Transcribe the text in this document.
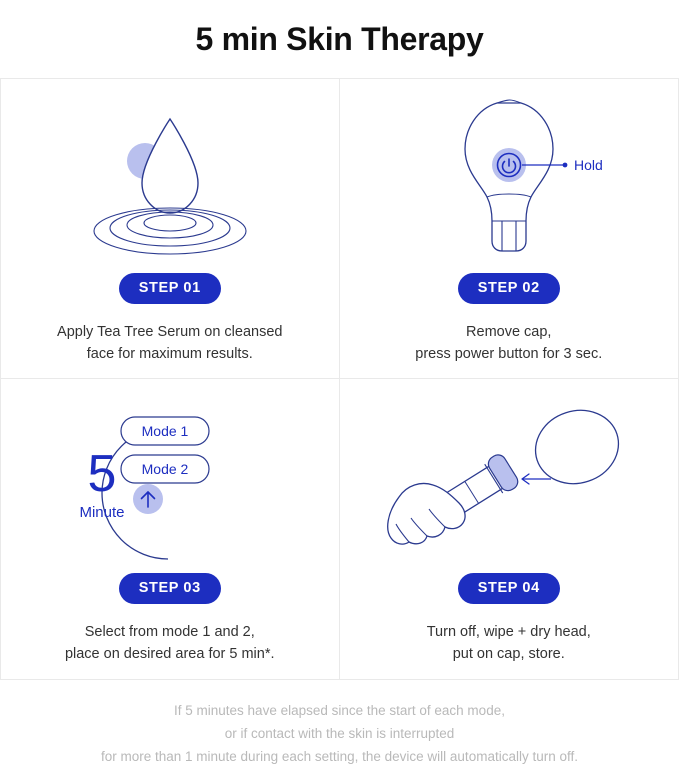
5 min Skin Therapy
STEP 01
Apply Tea Tree Serum on cleansed
face for maximum results.
Hold
STEP 02
Remove cap,
press power button for 3 sec.
5
Minute
Mode 1
Mode 2
STEP 03
Select from mode 1 and 2,
place on desired area for 5 min*.
STEP 04
Turn off, wipe + dry head,
put on cap, store.
If 5 minutes have elapsed since the start of each mode,
or if contact with the skin is interrupted
for more than 1 minute during each setting, the device will automatically turn off.
